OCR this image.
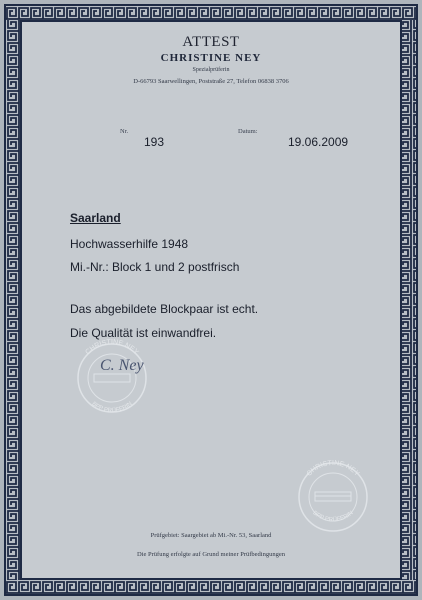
ATTEST
CHRISTINE NEY
Spezialprüferin
D-66793 Saarwellingen, Poststraße 27, Telefon 06838 3706
Nr.
193
Datum:
19.06.2009
Saarland
Hochwasserhilfe 1948
Mi.-Nr.: Block 1 und 2 postfrisch
Das abgebildete Blockpaar ist echt.
Die Qualität ist einwandfrei.
CHRISTINE NEY
BPP PRÜFERIN
C. Ney
CHRISTINE NEY
BPP PRÜFERIN
Prüfgebiet: Saargebiet ab Mi.-Nr. 53, Saarland
Die Prüfung erfolgte auf Grund meiner Prüfbedingungen
